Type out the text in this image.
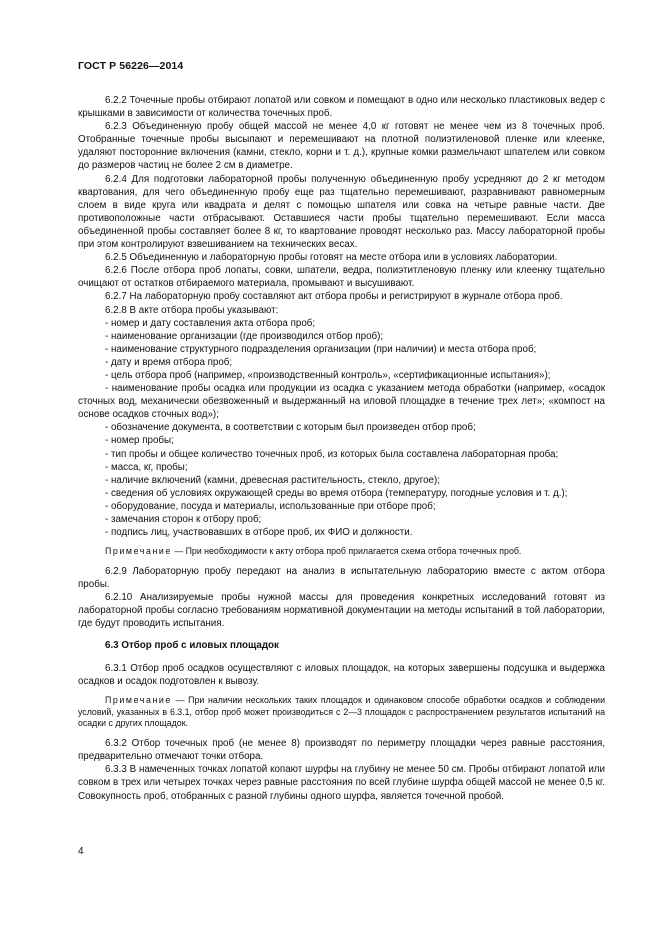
ГОСТ Р 56226—2014

6.2.2 Точечные пробы отбирают лопатой или совком и помещают в одно или несколько пластиковых ведер с крышками в зависимости от количества точечных проб.

6.2.3 Объединенную пробу общей массой не менее 4,0 кг готовят не менее чем из 8 точечных проб. Отобранные точечные пробы высыпают и перемешивают на плотной полиэтиленовой пленке или клеенке, удаляют посторонние включения (камни, стекло, корни и т. д.), крупные комки размельчают шпателем или совком до размеров частиц не более 2 см в диаметре.

6.2.4 Для подготовки лабораторной пробы полученную объединенную пробу усредняют до 2 кг методом квартования, для чего объединенную пробу еще раз тщательно перемешивают, разравнивают равномерным слоем в виде круга или квадрата и делят с помощью шпателя или совка на четыре равные части. Две противоположные части отбрасывают. Оставшиеся части пробы тщательно перемешивают. Если масса объединенной пробы составляет более 8 кг, то квартование проводят несколько раз. Массу лабораторной пробы при этом контролируют взвешиванием на технических весах.

6.2.5 Объединенную и лабораторную пробы готовят на месте отбора или в условиях лаборатории.

6.2.6 После отбора проб лопаты, совки, шпатели, ведра, полиэтитленовую пленку или клеенку тщательно очищают от остатков отбираемого материала, промывают и высушивают.

6.2.7 На лабораторную пробу составляют акт отбора пробы и регистрируют в журнале отбора проб.

6.2.8 В акте отбора пробы указывают:

- номер и дату составления акта отбора проб;

- наименование организации (где производился отбор проб);

- наименование структурного подразделения организации (при наличии) и места отбора проб;

- дату и время отбора проб;

- цель отбора проб (например, «производственный контроль», «сертификационные испытания»);

- наименование пробы осадка или продукции из осадка с указанием метода обработки (например, «осадок сточных вод, механически обезвоженный и выдержанный на иловой площадке в течение трех лет»; «компост на основе осадков сточных вод»);

- обозначение документа, в соответствии с которым был произведен отбор проб;

- номер пробы;

- тип пробы и общее количество точечных проб, из которых была составлена лабораторная проба;

- масса, кг, пробы;

- наличие включений (камни, древесная растительность, стекло, другое);

- сведения об условиях окружающей среды во время отбора (температуру, погодные условия и т. д.);

- оборудование, посуда и материалы, использованные при отборе проб;

- замечания сторон к отбору проб;

- подпись лиц, участвовавших в отборе проб, их ФИО и должности.

Примечание — При необходимости к акту отбора проб прилагается схема отбора точечных проб.

6.2.9 Лабораторную пробу передают на анализ в испытательную лабораторию вместе с актом отбора пробы.

6.2.10 Анализируемые пробы нужной массы для проведения конкретных исследований готовят из лабораторной пробы согласно требованиям нормативной документации на методы испытаний в той лаборатории, где будут проводить испытания.

6.3 Отбор проб с иловых площадок

6.3.1 Отбор проб осадков осуществляют с иловых площадок, на которых завершены подсушка и выдержка осадков и осадок подготовлен к вывозу.

Примечание — При наличии нескольких таких площадок и одинаковом способе обработки осадков и соблюдении условий, указанных в 6.3.1, отбор проб может производиться с 2—3 площадок с распространением результатов испытаний на осадки с других площадок.

6.3.2 Отбор точечных проб (не менее 8) производят по периметру площадки через равные расстояния, предварительно отмечают точки отбора.

6.3.3 В намеченных точках лопатой копают шурфы на глубину не менее 50 см. Пробы отбирают лопатой или совком в трех или четырех точках через равные расстояния по всей глубине шурфа общей массой не менее 0,5 кг. Совокупность проб, отобранных с разной глубины одного шурфа, является точечной пробой.

4
